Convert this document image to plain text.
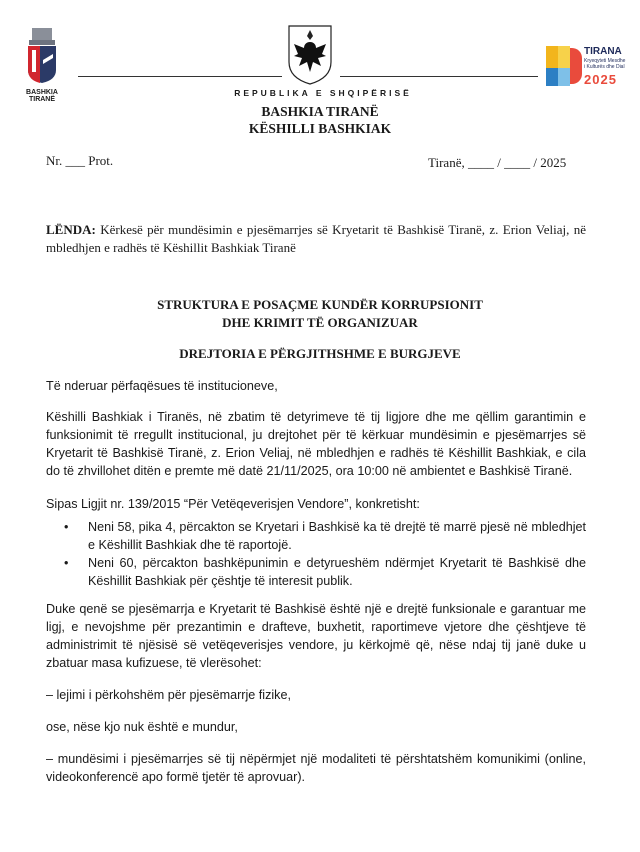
BASHKIA
TIRANË
TIRANA
Kryeqyteti Mesdhe
i Kulturës dhe Dial
2025
REPUBLIKA E SHQIPËRISË
BASHKIA TIRANË
KËSHILLI BASHKIAK
Nr. ___ Prot.	Tiranë, ____ / ____ / 2025
LËNDA: Kërkesë për mundësimin e pjesëmarrjes së Kryetarit të Bashkisë Tiranë, z. Erion Veliaj, në mbledhjen e radhës të Këshillit Bashkiak Tiranë
STRUKTURA E POSAÇME KUNDËR KORRUPSIONIT DHE KRIMIT TË ORGANIZUAR
DREJTORIA E PËRGJITHSHME E BURGJEVE
Të nderuar përfaqësues të institucioneve,
Këshilli Bashkiak i Tiranës, në zbatim të detyrimeve të tij ligjore dhe me qëllim garantimin e funksionimit të rregullt institucional, ju drejtohet për të kërkuar mundësimin e pjesëmarrjes së Kryetarit të Bashkisë Tiranë, z. Erion Veliaj, në mbledhjen e radhës të Këshillit Bashkiak, e cila do të zhvillohet ditën e premte më datë 21/11/2025, ora 10:00 në ambientet e Bashkisë Tiranë.
Sipas Ligjit nr. 139/2015 “Për Vetëqeverisjen Vendore”, konkretisht:
• Neni 58, pika 4, përcakton se Kryetari i Bashkisë ka të drejtë të marrë pjesë në mbledhjet e Këshillit Bashkiak dhe të raportojë.
• Neni 60, përcakton bashkëpunimin e detyrueshëm ndërmjet Kryetarit të Bashkisë dhe Këshillit Bashkiak për çështje të interesit publik.
Duke qenë se pjesëmarrja e Kryetarit të Bashkisë është një e drejtë funksionale e garantuar me ligj, e nevojshme për prezantimin e drafteve, buxhetit, raportimeve vjetore dhe çështjeve të administrimit të njësisë së vetëqeverisjes vendore, ju kërkojmë që, nëse ndaj tij janë duke u zbatuar masa kufizuese, të vlerësohet:
– lejimi i përkohshëm për pjesëmarrje fizike,
ose, nëse kjo nuk është e mundur,
– mundësimi i pjesëmarrjes së tij nëpërmjet një modaliteti të përshtatshëm komunikimi (online, videokonferencë apo formë tjetër të aprovuar).
